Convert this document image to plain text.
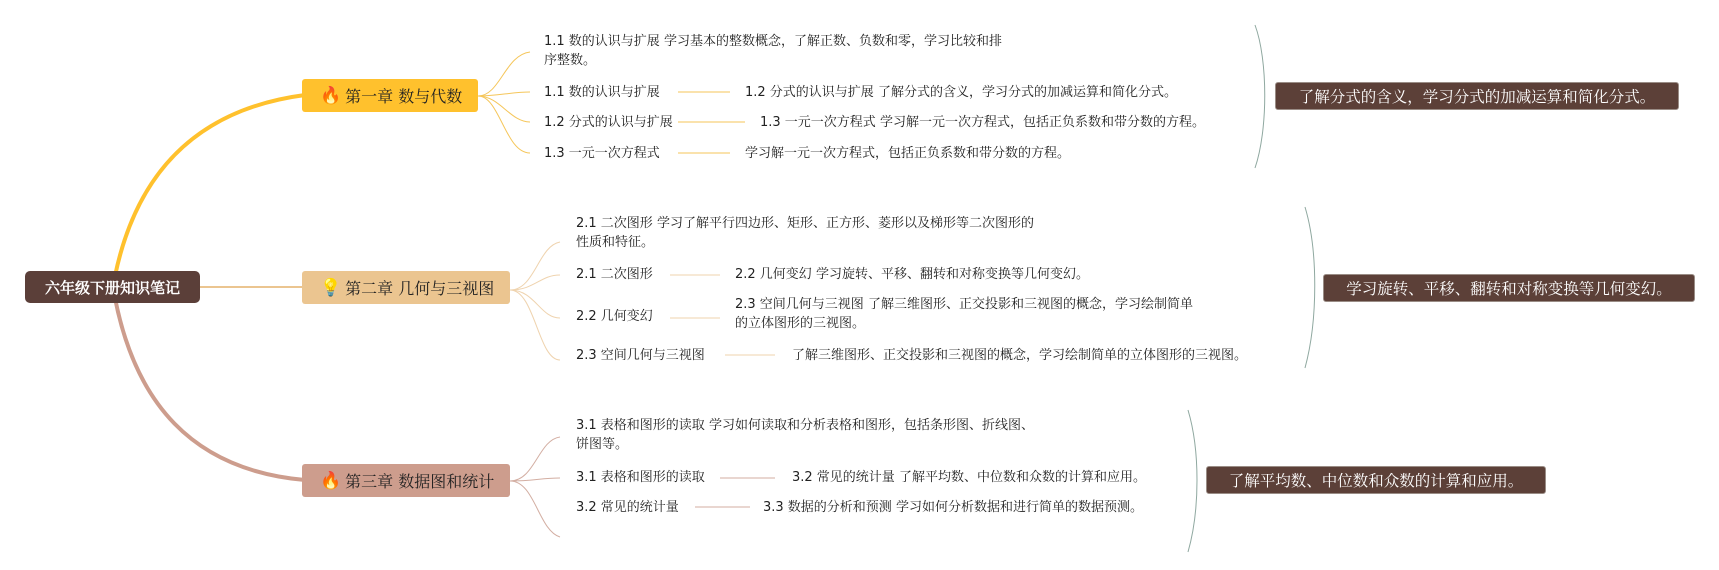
六年级下册知识笔记
🔥 第一章 数与代数
1.1 数的认识与扩展 学习基本的整数概念，了解正数、负数和零，学习比较和排
序整数。
1.1 数的认识与扩展	1.2 分式的认识与扩展 了解分式的含义，学习分式的加减运算和简化分式。
1.2 分式的认识与扩展	1.3 一元一次方程式 学习解一元一次方程式，包括正负系数和带分数的方程。
1.3 一元一次方程式	学习解一元一次方程式，包括正负系数和带分数的方程。
了解分式的含义，学习分式的加减运算和简化分式。
💡 第二章 几何与三视图
2.1 二次图形 学习了解平行四边形、矩形、正方形、菱形以及梯形等二次图形的
性质和特征。
2.1 二次图形	2.2 几何变幻 学习旋转、平移、翻转和对称变换等几何变幻。
2.2 几何变幻
2.3 空间几何与三视图 了解三维图形、正交投影和三视图的概念，学习绘制简单
的立体图形的三视图。
2.3 空间几何与三视图	了解三维图形、正交投影和三视图的概念，学习绘制简单的立体图形的三视图。
学习旋转、平移、翻转和对称变换等几何变幻。
🔥 第三章 数据图和统计
3.1 表格和图形的读取 学习如何读取和分析表格和图形，包括条形图、折线图、
饼图等。
3.1 表格和图形的读取	3.2 常见的统计量 了解平均数、中位数和众数的计算和应用。
3.2 常见的统计量	3.3 数据的分析和预测 学习如何分析数据和进行简单的数据预测。
了解平均数、中位数和众数的计算和应用。
